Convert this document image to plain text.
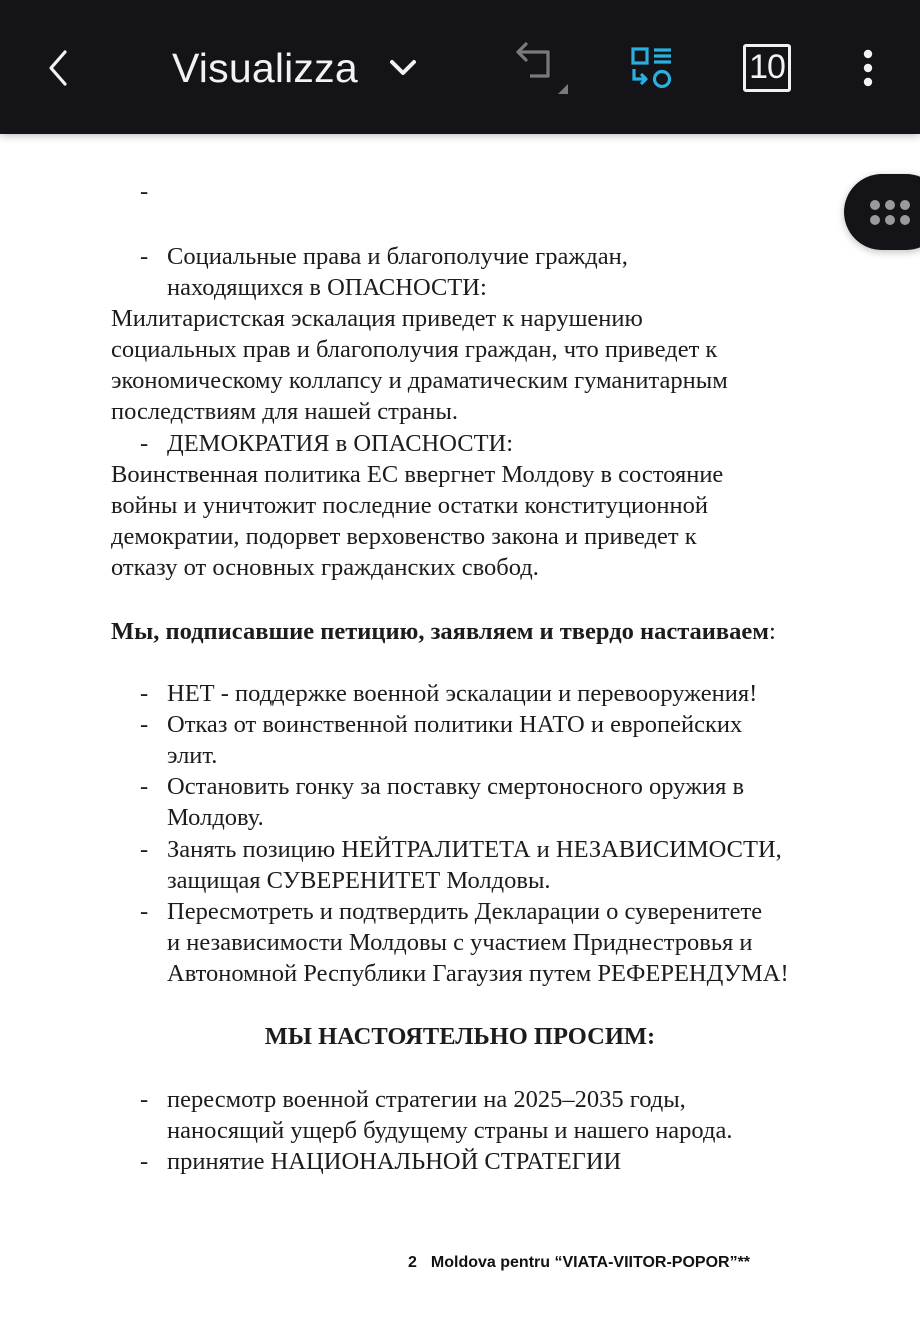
Visualizza	10
-
- Социальные права и благополучие граждан,
находящихся в ОПАСНОСТИ:
Милитаристская эскалация приведет к нарушению
социальных прав и благополучия граждан, что приведет к
экономическому коллапсу и драматическим гуманитарным
последствиям для нашей страны.
- ДЕМОКРАТИЯ в ОПАСНОСТИ:
Воинственная политика ЕС ввергнет Молдову в состояние
войны и уничтожит последние остатки конституционной
демократии, подорвет верховенство закона и приведет к
отказу от основных гражданских свобод.
Мы, подписавшие петицию, заявляем и твердо настаиваем:
- НЕТ - поддержке военной эскалации и перевооружения!
- Отказ от воинственной политики НАТО и европейских
элит.
- Остановить гонку за поставку смертоносного оружия в
Молдову.
- Занять позицию НЕЙТРАЛИТЕТА и НЕЗАВИСИМОСТИ,
защищая СУВЕРЕНИТЕТ Молдовы.
- Пересмотреть и подтвердить Декларации о суверенитете
и независимости Молдовы с участием Приднестровья и
Автономной Республики Гагаузия путем РЕФЕРЕНДУМА!
МЫ НАСТОЯТЕЛЬНО ПРОСИМ:
- пересмотр военной стратегии на 2025–2035 годы,
наносящий ущерб будущему страны и нашего народа.
- принятие НАЦИОНАЛЬНОЙ СТРАТЕГИИ
2 Moldova pentru “VIATA-VIITOR-POPOR”**
